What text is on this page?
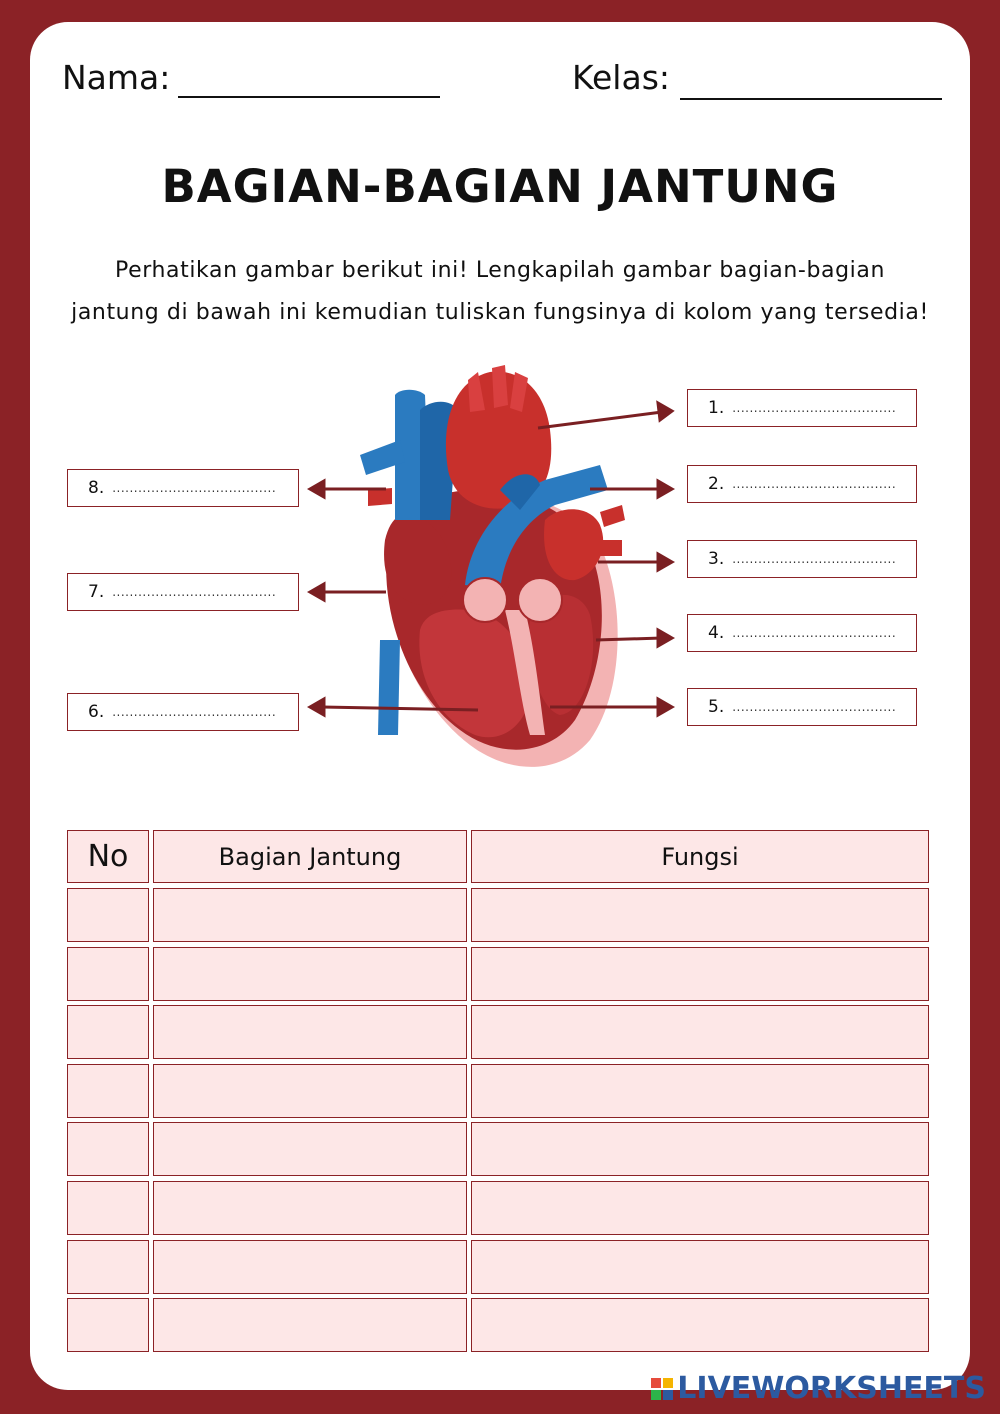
Nama:	Kelas:
BAGIAN-BAGIAN JANTUNG
Perhatikan gambar berikut ini! Lengkapilah gambar bagian-bagian
jantung di bawah ini kemudian tuliskan fungsinya di kolom yang tersedia!
1. ......................................
2. ......................................
3. ......................................
4. ......................................
5. ......................................
8. ......................................
7. ......................................
6. ......................................
No	Bagian Jantung	Fungsi
LIVEWORKSHEETS
